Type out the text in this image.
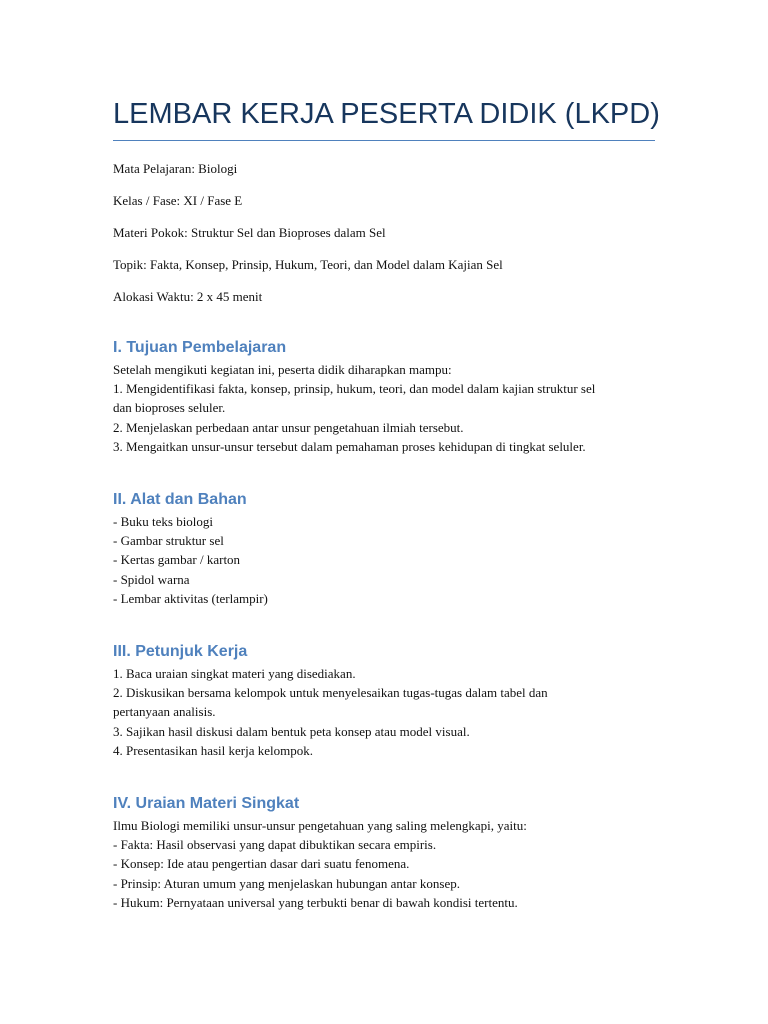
LEMBAR KERJA PESERTA DIDIK (LKPD)
Mata Pelajaran: Biologi
Kelas / Fase: XI / Fase E
Materi Pokok: Struktur Sel dan Bioproses dalam Sel
Topik: Fakta, Konsep, Prinsip, Hukum, Teori, dan Model dalam Kajian Sel
Alokasi Waktu: 2 x 45 menit
I. Tujuan Pembelajaran
Setelah mengikuti kegiatan ini, peserta didik diharapkan mampu:
1. Mengidentifikasi fakta, konsep, prinsip, hukum, teori, dan model dalam kajian struktur sel
dan bioproses seluler.
2. Menjelaskan perbedaan antar unsur pengetahuan ilmiah tersebut.
3. Mengaitkan unsur-unsur tersebut dalam pemahaman proses kehidupan di tingkat seluler.
II. Alat dan Bahan
- Buku teks biologi
- Gambar struktur sel
- Kertas gambar / karton
- Spidol warna
- Lembar aktivitas (terlampir)
III. Petunjuk Kerja
1. Baca uraian singkat materi yang disediakan.
2. Diskusikan bersama kelompok untuk menyelesaikan tugas-tugas dalam tabel dan
pertanyaan analisis.
3. Sajikan hasil diskusi dalam bentuk peta konsep atau model visual.
4. Presentasikan hasil kerja kelompok.
IV. Uraian Materi Singkat
Ilmu Biologi memiliki unsur-unsur pengetahuan yang saling melengkapi, yaitu:
- Fakta: Hasil observasi yang dapat dibuktikan secara empiris.
- Konsep: Ide atau pengertian dasar dari suatu fenomena.
- Prinsip: Aturan umum yang menjelaskan hubungan antar konsep.
- Hukum: Pernyataan universal yang terbukti benar di bawah kondisi tertentu.
